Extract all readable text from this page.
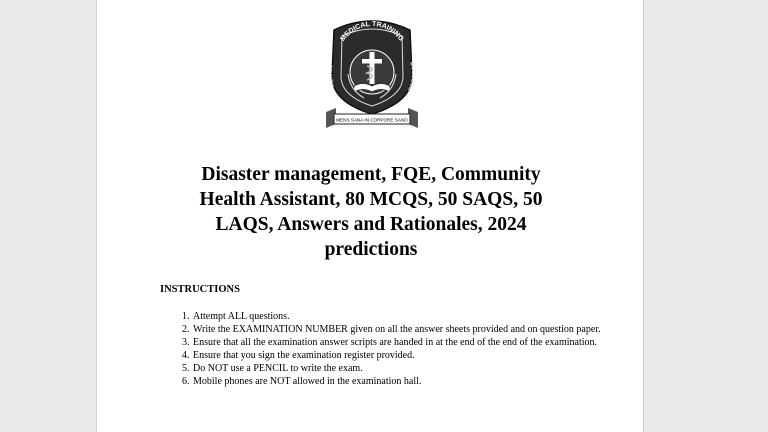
MEDICAL TRAINING
KENYA
COLLEGE
MENS SANA IN CORPORE SANO
Disaster management, FQE, Community Health Assistant, 80 MCQS, 50 SAQS, 50 LAQS, Answers and Rationales, 2024 predictions
INSTRUCTIONS
1. Attempt ALL questions.
2. Write the EXAMINATION NUMBER given on all the answer sheets provided and on question paper.
3. Ensure that all the examination answer scripts are handed in at the end of the end of the examination.
4. Ensure that you sign the examination register provided.
5. Do NOT use a PENCIL to write the exam.
6. Mobile phones are NOT allowed in the examination hall.
